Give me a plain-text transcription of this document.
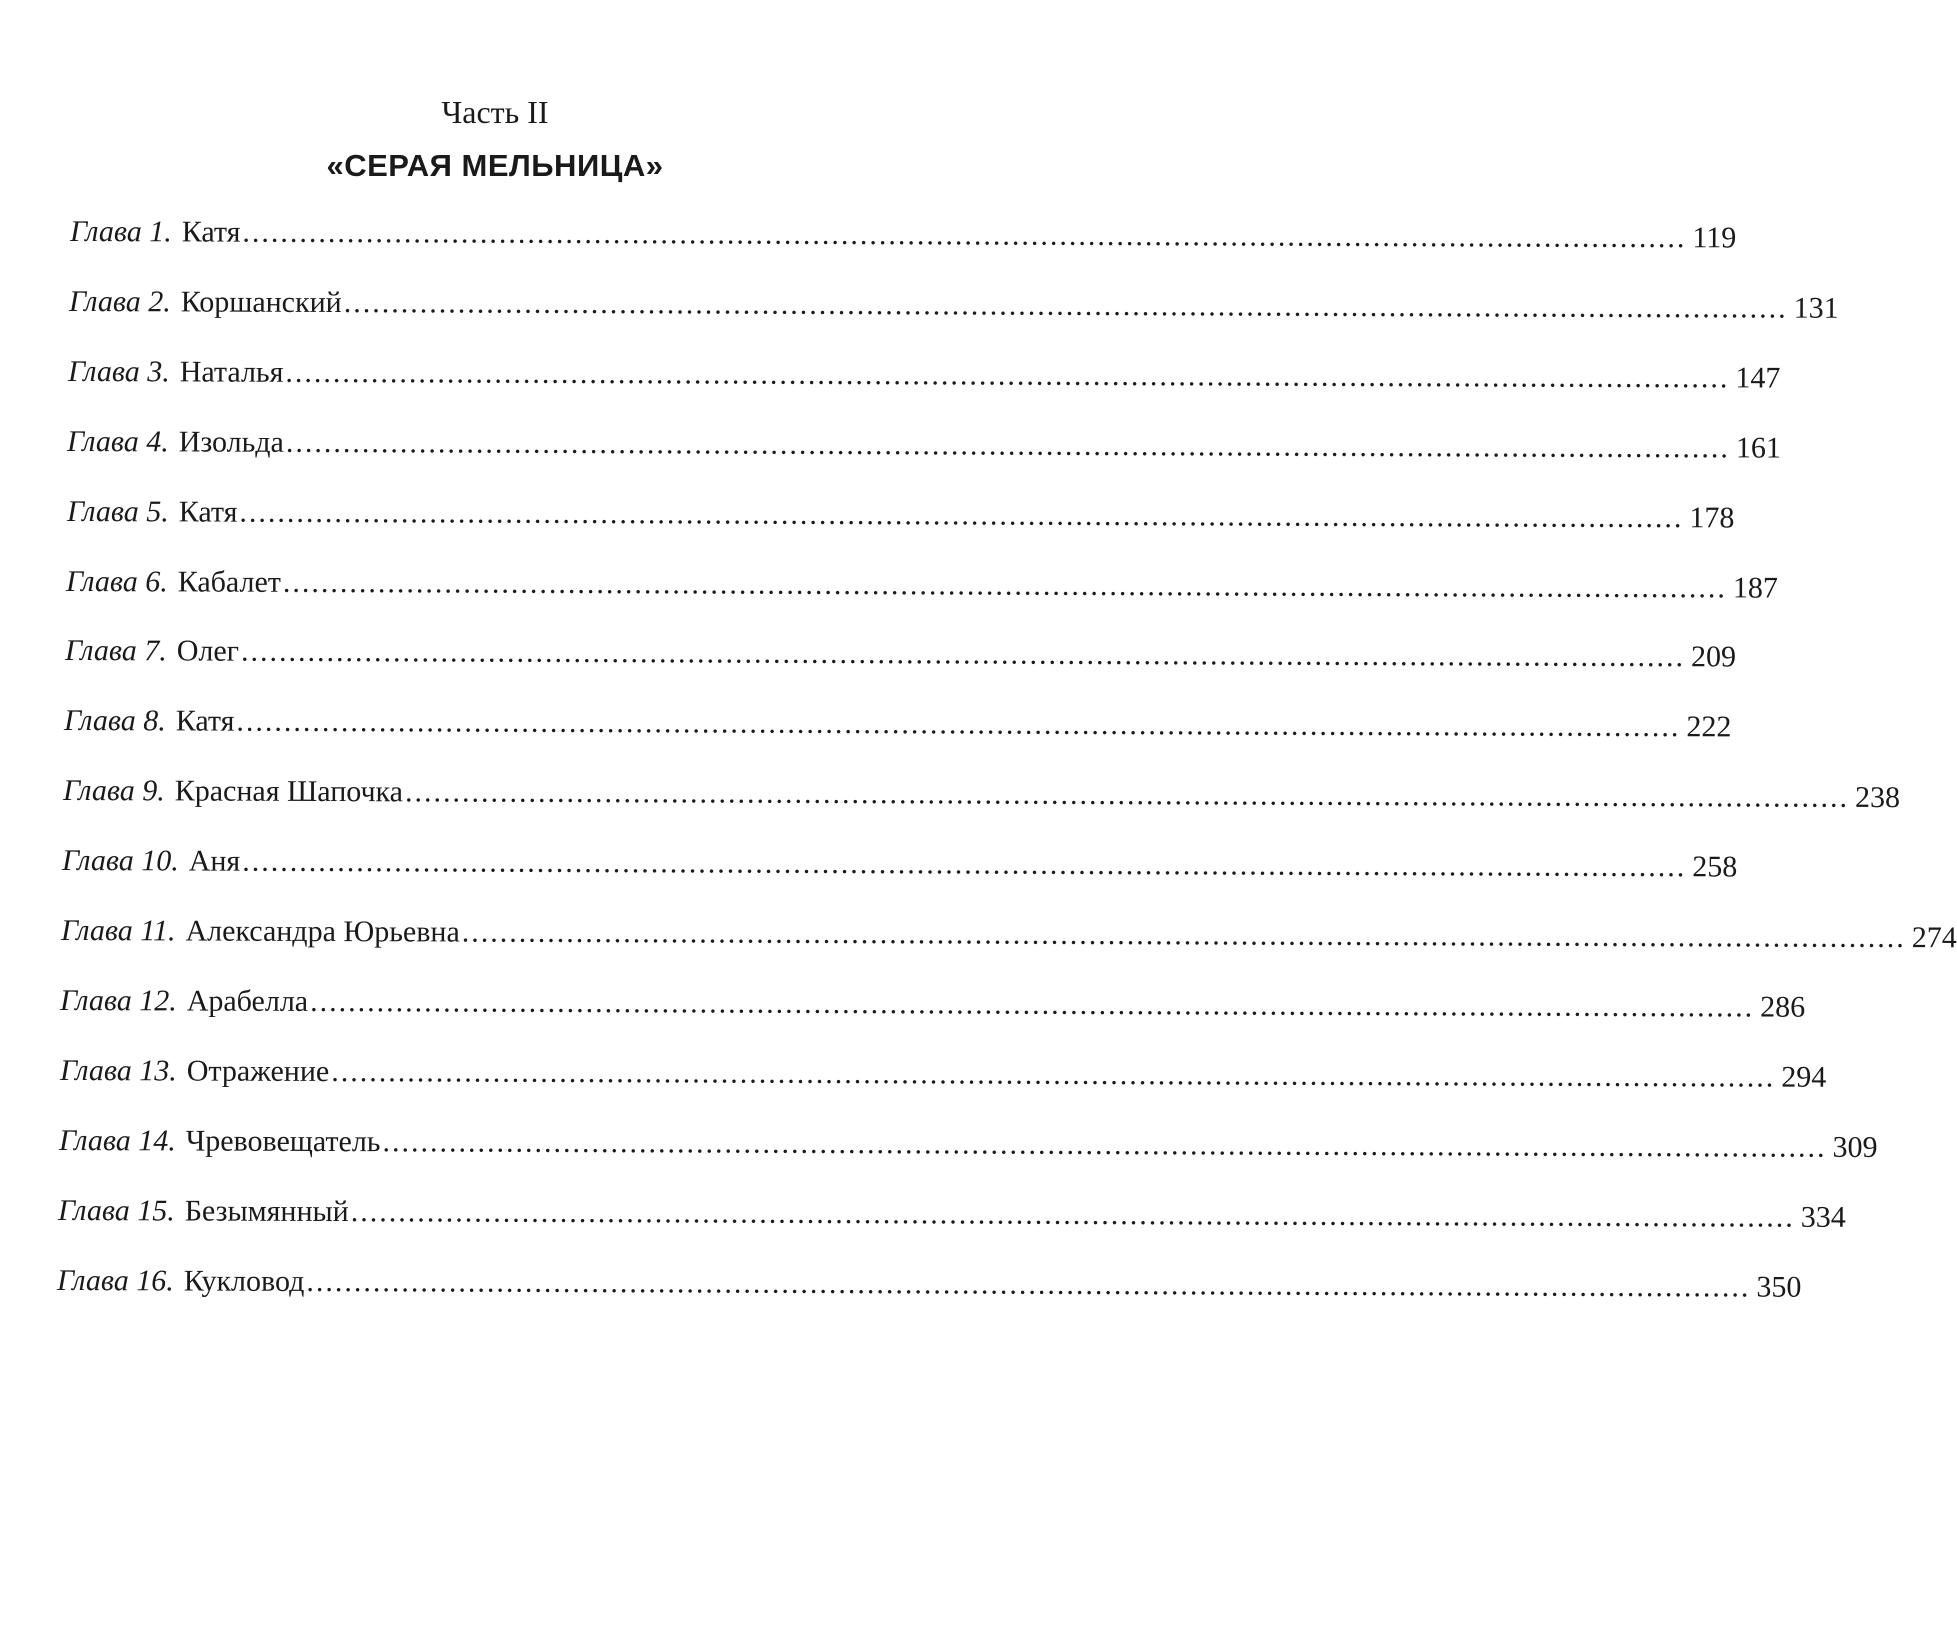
Часть II
«СЕРАЯ МЕЛЬНИЦА»
Глава 1. Катя ........................................................................................................................................................ 119
Глава 2. Коршанский ........................................................................................................................................................ 131
Глава 3. Наталья ........................................................................................................................................................ 147
Глава 4. Изольда ........................................................................................................................................................ 161
Глава 5. Катя ........................................................................................................................................................ 178
Глава 6. Кабалет ........................................................................................................................................................ 187
Глава 7. Олег ........................................................................................................................................................ 209
Глава 8. Катя ........................................................................................................................................................ 222
Глава 9. Красная Шапочка ........................................................................................................................................................ 238
Глава 10. Аня ........................................................................................................................................................ 258
Глава 11. Александра Юрьевна ........................................................................................................................................................ 274
Глава 12. Арабелла ........................................................................................................................................................ 286
Глава 13. Отражение ........................................................................................................................................................ 294
Глава 14. Чревовещатель ........................................................................................................................................................ 309
Глава 15. Безымянный ........................................................................................................................................................ 334
Глава 16. Кукловод ........................................................................................................................................................ 350
